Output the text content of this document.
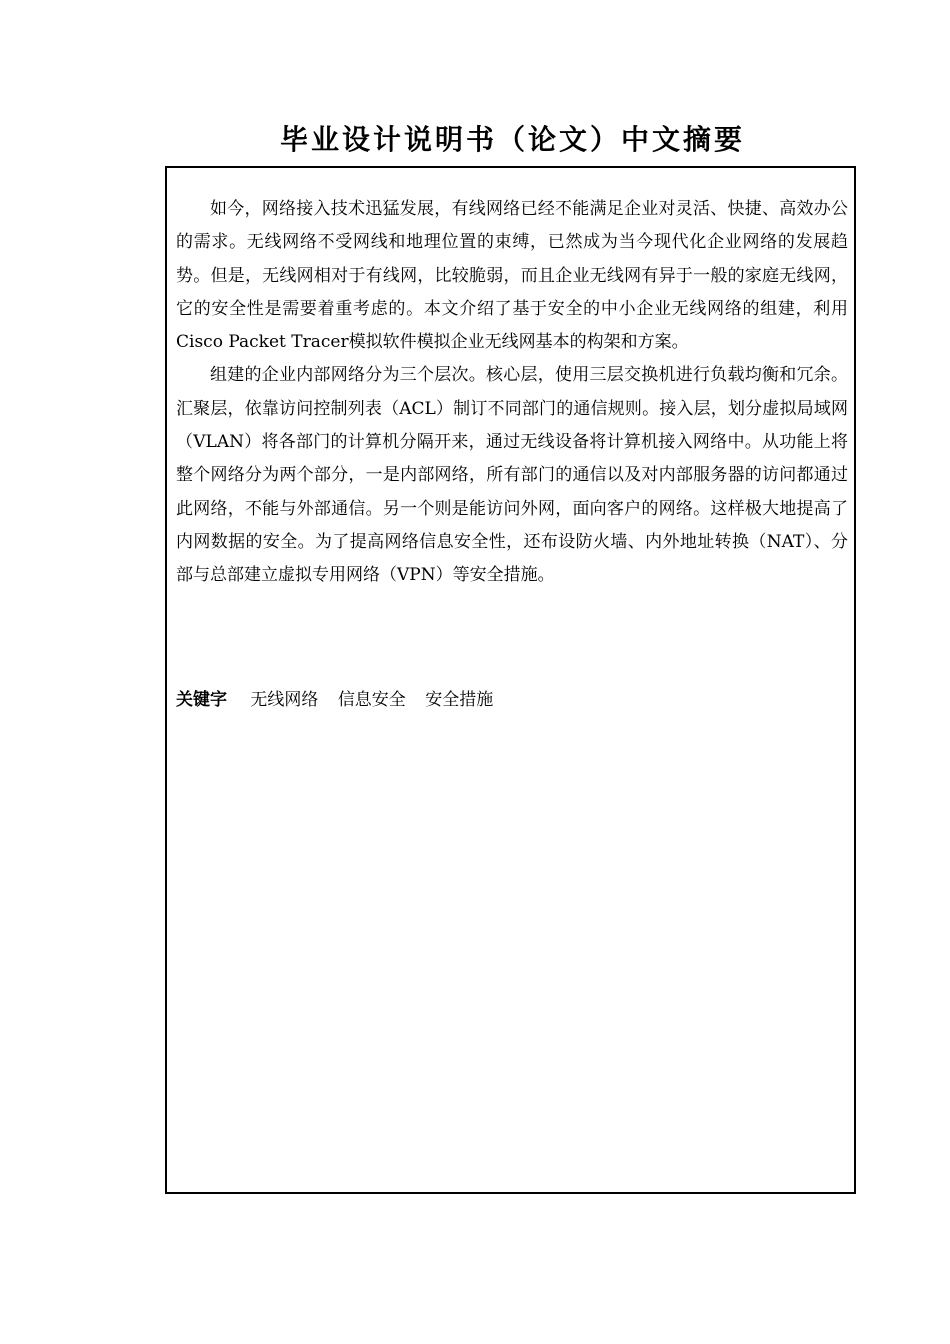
毕业设计说明书（论文）中文摘要

如今，网络接入技术迅猛发展，有线网络已经不能满足企业对灵活、快捷、高效办公的需求。无线网络不受网线和地理位置的束缚，已然成为当今现代化企业网络的发展趋势。但是，无线网相对于有线网，比较脆弱，而且企业无线网有异于一般的家庭无线网，它的安全性是需要着重考虑的。本文介绍了基于安全的中小企业无线网络的组建，利用Cisco Packet Tracer模拟软件模拟企业无线网基本的构架和方案。

组建的企业内部网络分为三个层次。核心层，使用三层交换机进行负载均衡和冗余。汇聚层，依靠访问控制列表（ACL）制订不同部门的通信规则。接入层，划分虚拟局域网（VLAN）将各部门的计算机分隔开来，通过无线设备将计算机接入网络中。从功能上将整个网络分为两个部分，一是内部网络，所有部门的通信以及对内部服务器的访问都通过此网络，不能与外部通信。另一个则是能访问外网，面向客户的网络。这样极大地提高了内网数据的安全。为了提高网络信息安全性，还布设防火墙、内外地址转换（NAT）、分部与总部建立虚拟专用网络（VPN）等安全措施。

关键字 无线网络 信息安全 安全措施
